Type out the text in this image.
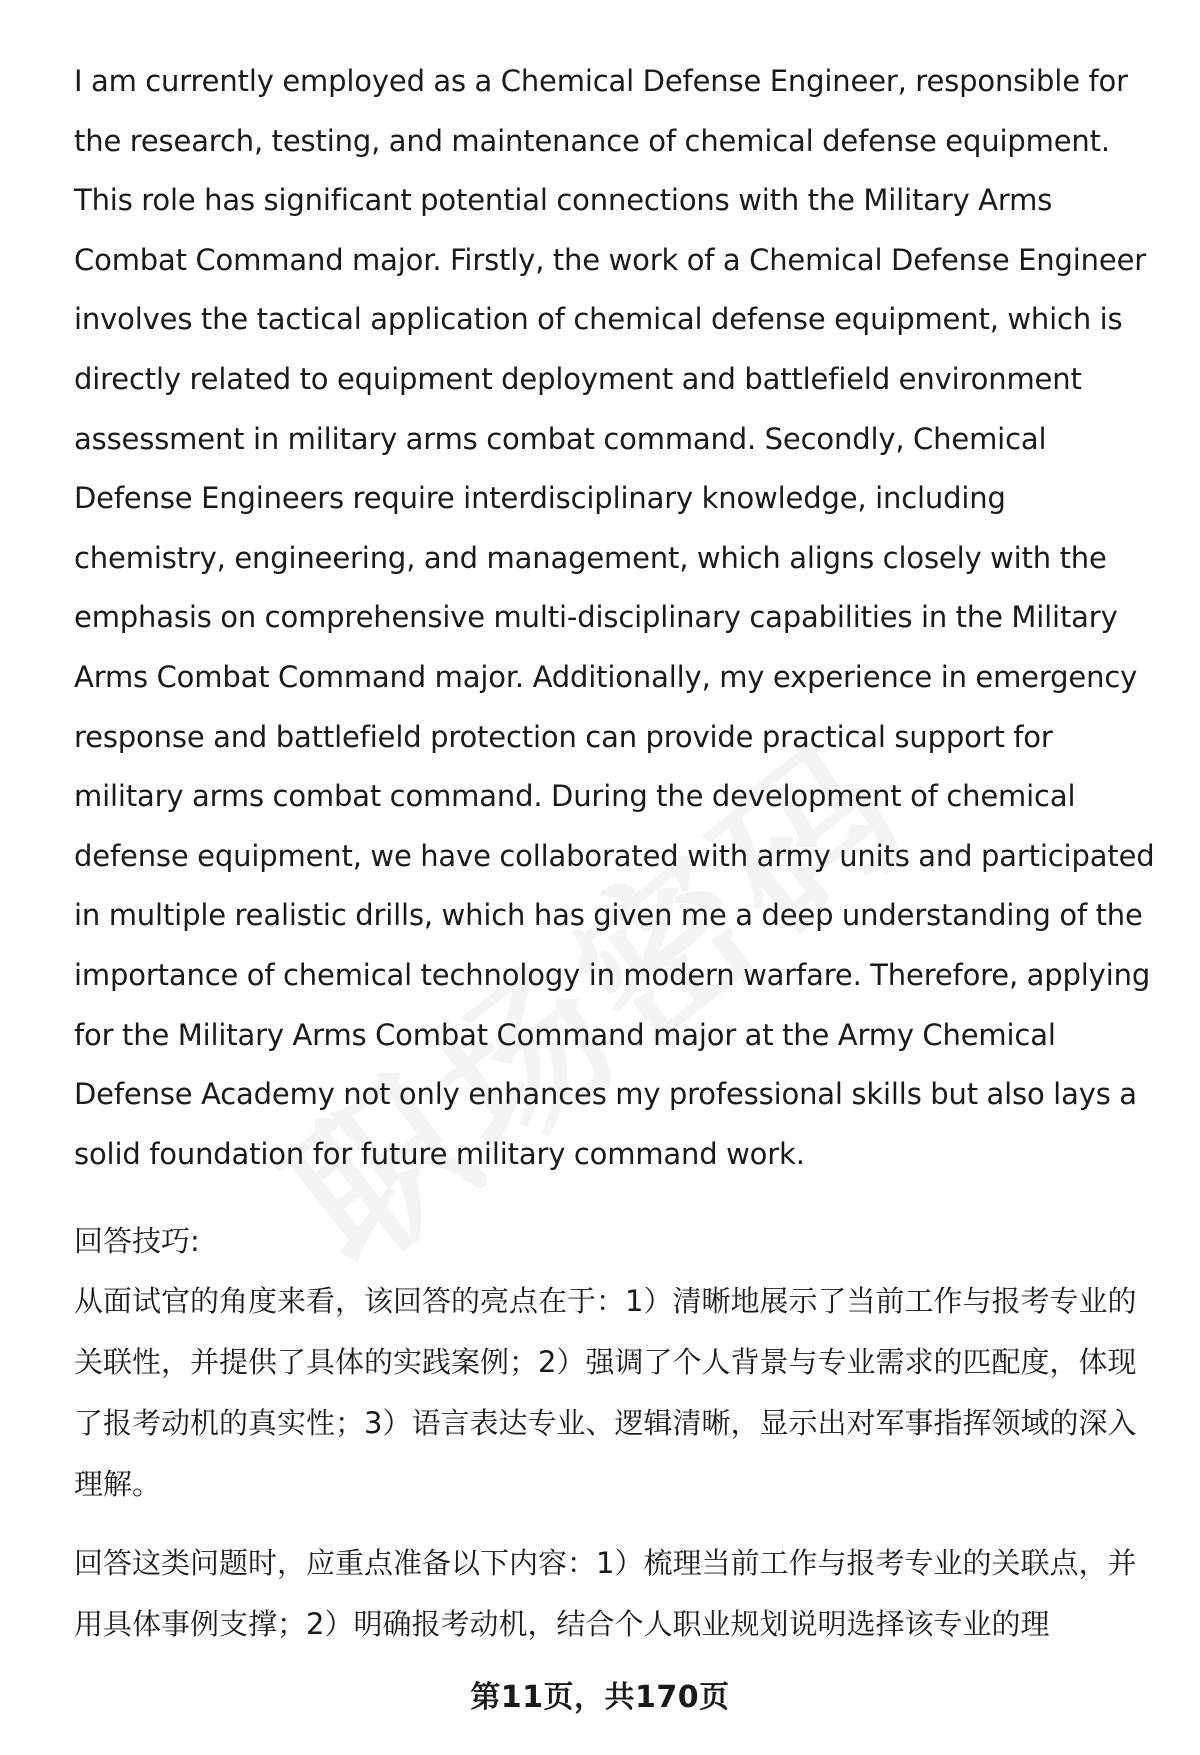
I am currently employed as a Chemical Defense Engineer, responsible for the research, testing, and maintenance of chemical defense equipment. This role has significant potential connections with the Military Arms Combat Command major. Firstly, the work of a Chemical Defense Engineer involves the tactical application of chemical defense equipment, which is directly related to equipment deployment and battlefield environment assessment in military arms combat command. Secondly, Chemical Defense Engineers require interdisciplinary knowledge, including chemistry, engineering, and management, which aligns closely with the emphasis on comprehensive multi-disciplinary capabilities in the Military Arms Combat Command major. Additionally, my experience in emergency response and battlefield protection can provide practical support for military arms combat command. During the development of chemical defense equipment, we have collaborated with army units and participated in multiple realistic drills, which has given me a deep understanding of the importance of chemical technology in modern warfare. Therefore, applying for the Military Arms Combat Command major at the Army Chemical Defense Academy not only enhances my professional skills but also lays a solid foundation for future military command work.

回答技巧:

从面试官的角度来看，该回答的亮点在于：1）清晰地展示了当前工作与报考专业的关联性，并提供了具体的实践案例；2）强调了个人背景与专业需求的匹配度，体现了报考动机的真实性；3）语言表达专业、逻辑清晰，显示出对军事指挥领域的深入理解。

回答这类问题时，应重点准备以下内容：1）梳理当前工作与报考专业的关联点，并用具体事例支撑；2）明确报考动机，结合个人职业规划说明选择该专业的理

第11页，共170页
